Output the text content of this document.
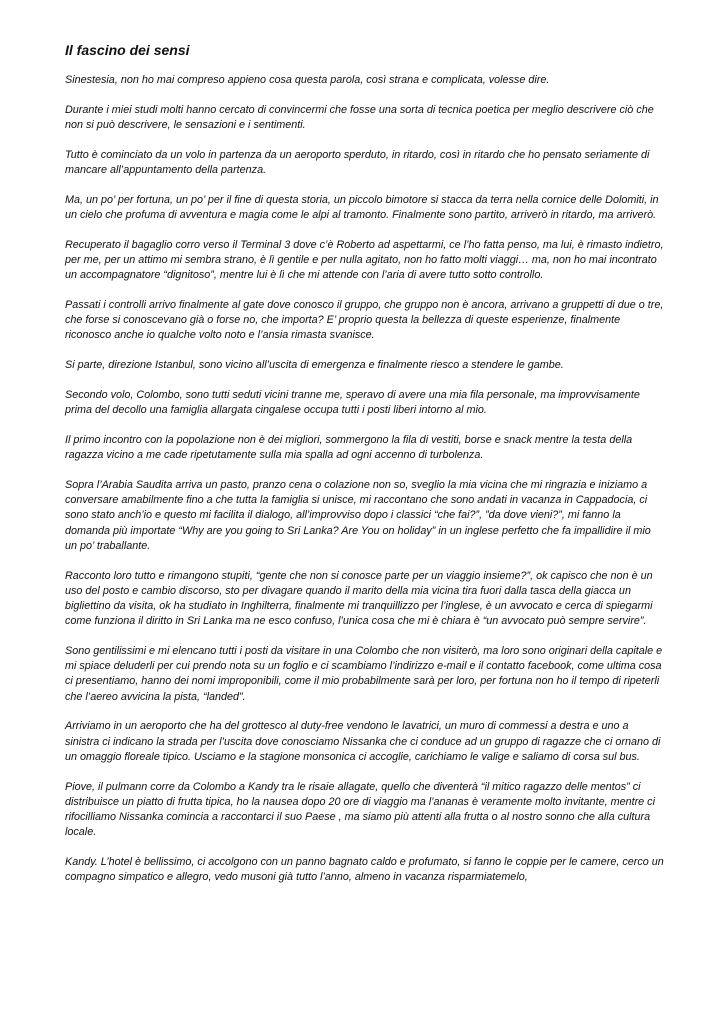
Il fascino dei sensi

Sinestesia, non ho mai compreso appieno cosa questa parola, così strana e complicata, volesse dire.

Durante i miei studi molti hanno cercato di convincermi che fosse una sorta di tecnica poetica per meglio descrivere ciò che non si può descrivere, le sensazioni e i sentimenti.

Tutto è cominciato da un volo in partenza da un aeroporto sperduto, in ritardo, così in ritardo che ho pensato seriamente di mancare all’appuntamento della partenza.

Ma, un po’ per fortuna, un po’ per il fine di questa storia, un piccolo bimotore si stacca da terra nella cornice delle Dolomiti, in un cielo che profuma di avventura e magia come le alpi al tramonto. Finalmente sono partito, arriverò in ritardo, ma arriverò.

Recuperato il bagaglio corro verso il Terminal 3 dove c’è Roberto ad aspettarmi, ce l’ho fatta penso, ma lui, è rimasto indietro, per me, per un attimo mi sembra strano, è lì gentile e per nulla agitato, non ho fatto molti viaggi… ma, non ho mai incontrato un accompagnatore “dignitoso”, mentre lui è lì che mi attende con l’aria di avere tutto sotto controllo.

Passati i controlli arrivo finalmente al gate dove conosco il gruppo, che gruppo non è ancora, arrivano a gruppetti di due o tre, che forse si conoscevano già o forse no, che importa? E’ proprio questa la bellezza di queste esperienze, finalmente riconosco anche io qualche volto noto e l’ansia rimasta svanisce.

Si parte, direzione Istanbul, sono vicino all’uscita di emergenza e finalmente riesco a stendere le gambe.

Secondo volo, Colombo, sono tutti seduti vicini tranne me, speravo di avere una mia fila personale, ma improvvisamente prima del decollo una famiglia allargata cingalese occupa tutti i posti liberi intorno al mio.

Il primo incontro con la popolazione non è dei migliori, sommergono la fila di vestiti, borse e snack mentre la testa della ragazza vicino a me cade ripetutamente sulla mia spalla ad ogni accenno di turbolenza.

Sopra l’Arabia Saudita arriva un pasto, pranzo cena o colazione non so, sveglio la mia vicina che mi ringrazia e iniziamo a conversare amabilmente fino a che tutta la famiglia si unisce, mi raccontano che sono andati in vacanza in Cappadocia, ci sono stato anch’io e questo mi facilita il dialogo, all’improvviso dopo i classici “che fai?”, ”da dove vieni?”, mi fanno la domanda più importate “Why are you going to Sri Lanka? Are You on holiday” in un inglese perfetto che fa impallidire il mio un po’ traballante.

Racconto loro tutto e rimangono stupiti, “gente che non si conosce parte per un viaggio insieme?”, ok capisco che non è un uso del posto e cambio discorso, sto per divagare quando il marito della mia vicina tira fuori dalla tasca della giacca un bigliettino da visita, ok ha studiato in Inghilterra, finalmente mi tranquillizzo per l’inglese, è un avvocato e cerca di spiegarmi come funziona il diritto in Sri Lanka ma ne esco confuso, l’unica cosa che mi è chiara è “un avvocato può sempre servire”.

Sono gentilissimi e mi elencano tutti i posti da visitare in una Colombo che non visiterò, ma loro sono originari della capitale e mi spiace deluderli per cui prendo nota su un foglio e ci scambiamo l’indirizzo e-mail e il contatto facebook, come ultima cosa ci presentiamo, hanno dei nomi improponibili, come il mio probabilmente sarà per loro, per fortuna non ho il tempo di ripeterli che l’aereo avvicina la pista, “landed”.

Arriviamo in un aeroporto che ha del grottesco al duty-free vendono le lavatrici, un muro di commessi a destra e uno a sinistra ci indicano la strada per l’uscita dove conosciamo Nissanka che ci conduce ad un gruppo di ragazze che ci ornano di un omaggio floreale tipico. Usciamo e la stagione monsonica ci accoglie, carichiamo le valige e saliamo di corsa sul bus.

Piove, il pulmann corre da Colombo a Kandy tra le risaie allagate, quello che diventerà “il mitico ragazzo delle mentos” ci distribuisce un piatto di frutta tipica, ho la nausea dopo 20 ore di viaggio ma l’ananas è veramente molto invitante, mentre ci rifocilliamo Nissanka comincia a raccontarci il suo Paese , ma siamo più attenti alla frutta o al nostro sonno che alla cultura locale.

Kandy. L’hotel è bellissimo, ci accolgono con un panno bagnato caldo e profumato, si fanno le coppie per le camere, cerco un compagno simpatico e allegro, vedo musoni già tutto l’anno, almeno in vacanza risparmiatemelo,
